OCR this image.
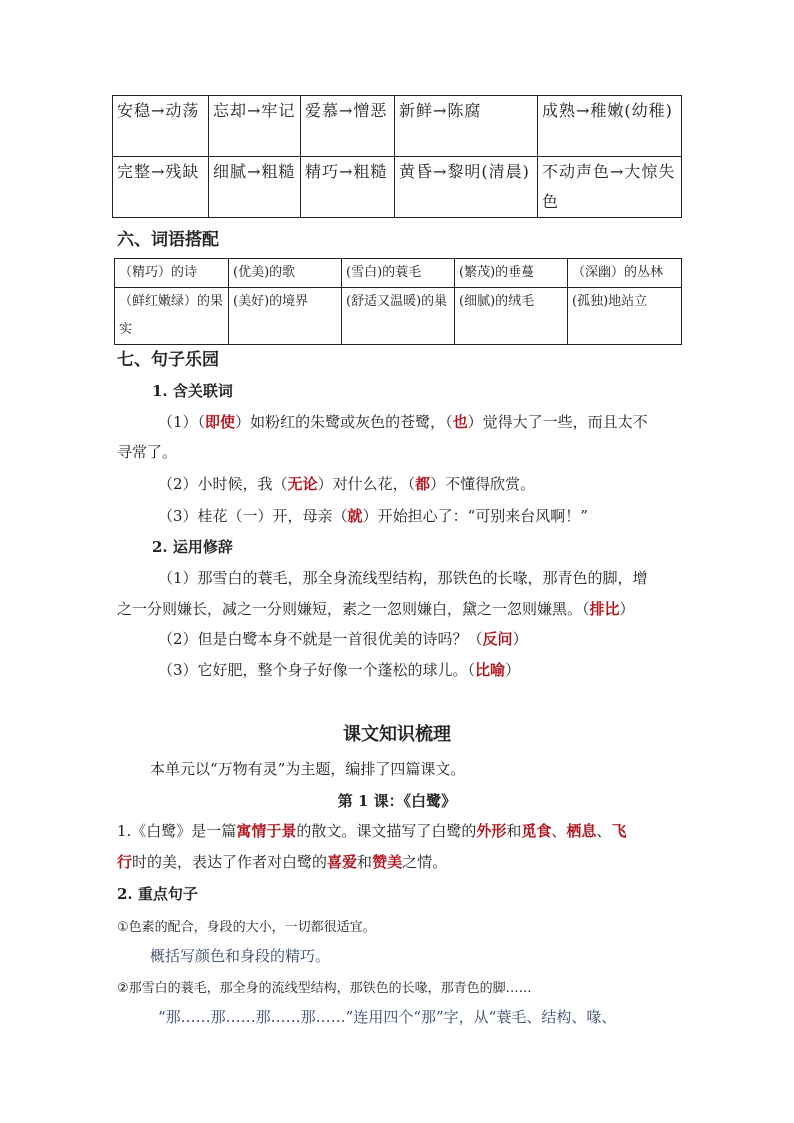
安稳→动荡	忘却→牢记	爱慕→憎恶	新鲜→陈腐	成熟→稚嫩(幼稚)
完整→残缺	细腻→粗糙	精巧→粗糙	黄昏→黎明(清晨)	不动声色→大惊失色
六、词语搭配
（精巧）的诗	(优美)的歌	(雪白)的蓑毛	(繁茂)的垂蔓	（深幽）的丛林
（鲜红嫩绿）的果实	(美好)的境界	(舒适又温暖)的巢	(细腻)的绒毛	(孤独)地站立
七、句子乐园
1. 含关联词
（1）（即使）如粉红的朱鹭或灰色的苍鹭，（也）觉得大了一些，而且太不
寻常了。
（2）小时候，我（无论）对什么花，（都）不懂得欣赏。
（3）桂花（一）开，母亲（就）开始担心了：“可别来台风啊！”
2. 运用修辞
（1）那雪白的蓑毛，那全身流线型结构，那铁色的长喙，那青色的脚，增
之一分则嫌长，减之一分则嫌短，素之一忽则嫌白，黛之一忽则嫌黑。（排比）
（2）但是白鹭本身不就是一首很优美的诗吗？（反问）
（3）它好肥，整个身子好像一个蓬松的球儿。（比喻）
课文知识梳理
本单元以“万物有灵”为主题，编排了四篇课文。
第 1 课：《白鹭》
1.《白鹭》是一篇寓情于景的散文。课文描写了白鹭的外形和觅食、栖息、飞
行时的美，表达了作者对白鹭的喜爱和赞美之情。
2. 重点句子
①色素的配合，身段的大小，一切都很适宜。
概括写颜色和身段的精巧。
②那雪白的蓑毛，那全身的流线型结构，那铁色的长喙，那青色的脚……
“那……那……那……那……”连用四个“那”字，从“蓑毛、结构、喙、
